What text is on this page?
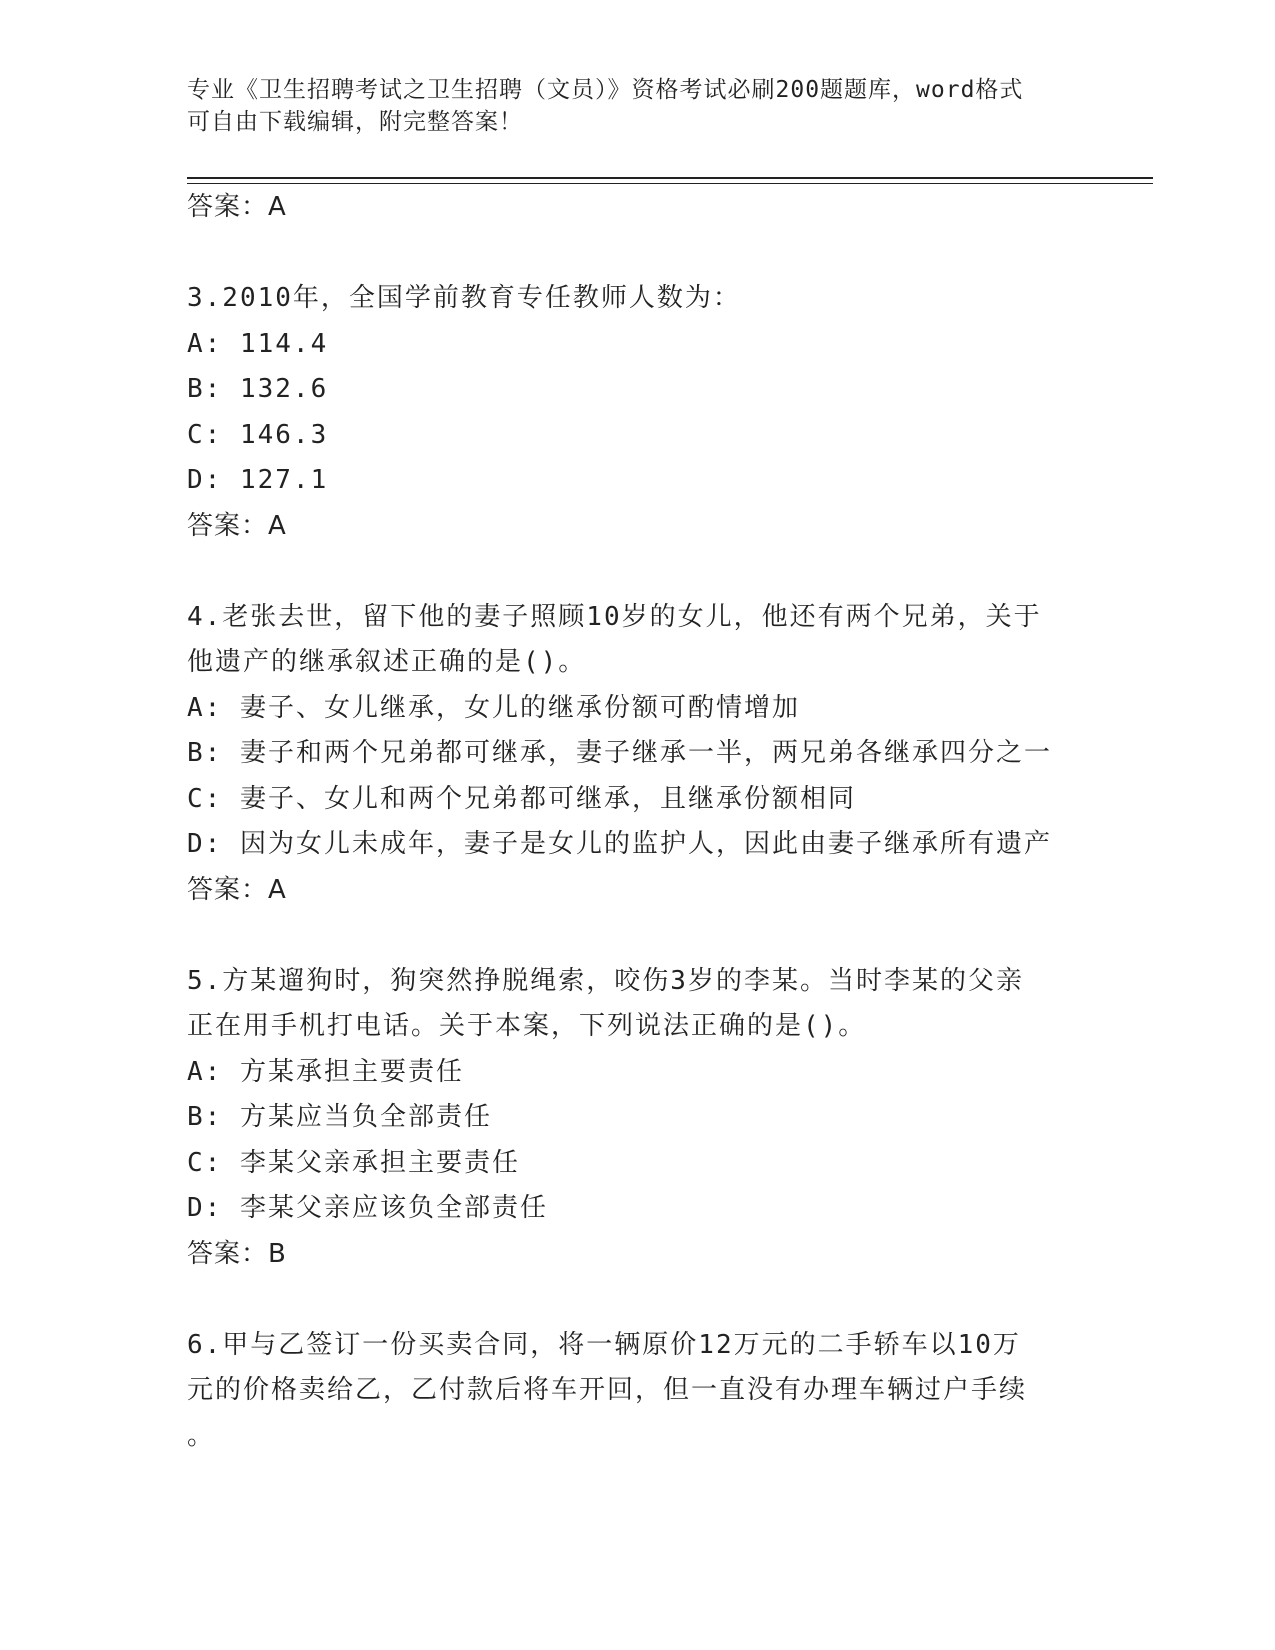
专业《卫生招聘考试之卫生招聘（文员）》资格考试必刷200题题库，word格式
可自由下载编辑，附完整答案！
答案：A
3.2010年，全国学前教育专任教师人数为：
A: 114.4
B: 132.6
C: 146.3
D: 127.1
答案：A
4.老张去世，留下他的妻子照顾10岁的女儿，他还有两个兄弟，关于
他遗产的继承叙述正确的是()。
A: 妻子、女儿继承，女儿的继承份额可酌情增加
B: 妻子和两个兄弟都可继承，妻子继承一半，两兄弟各继承四分之一
C: 妻子、女儿和两个兄弟都可继承，且继承份额相同
D: 因为女儿未成年，妻子是女儿的监护人，因此由妻子继承所有遗产
答案：A
5.方某遛狗时，狗突然挣脱绳索，咬伤3岁的李某。当时李某的父亲
正在用手机打电话。关于本案，下列说法正确的是()。
A: 方某承担主要责任
B: 方某应当负全部责任
C: 李某父亲承担主要责任
D: 李某父亲应该负全部责任
答案：B
6.甲与乙签订一份买卖合同，将一辆原价12万元的二手轿车以10万
元的价格卖给乙，乙付款后将车开回，但一直没有办理车辆过户手续
。
